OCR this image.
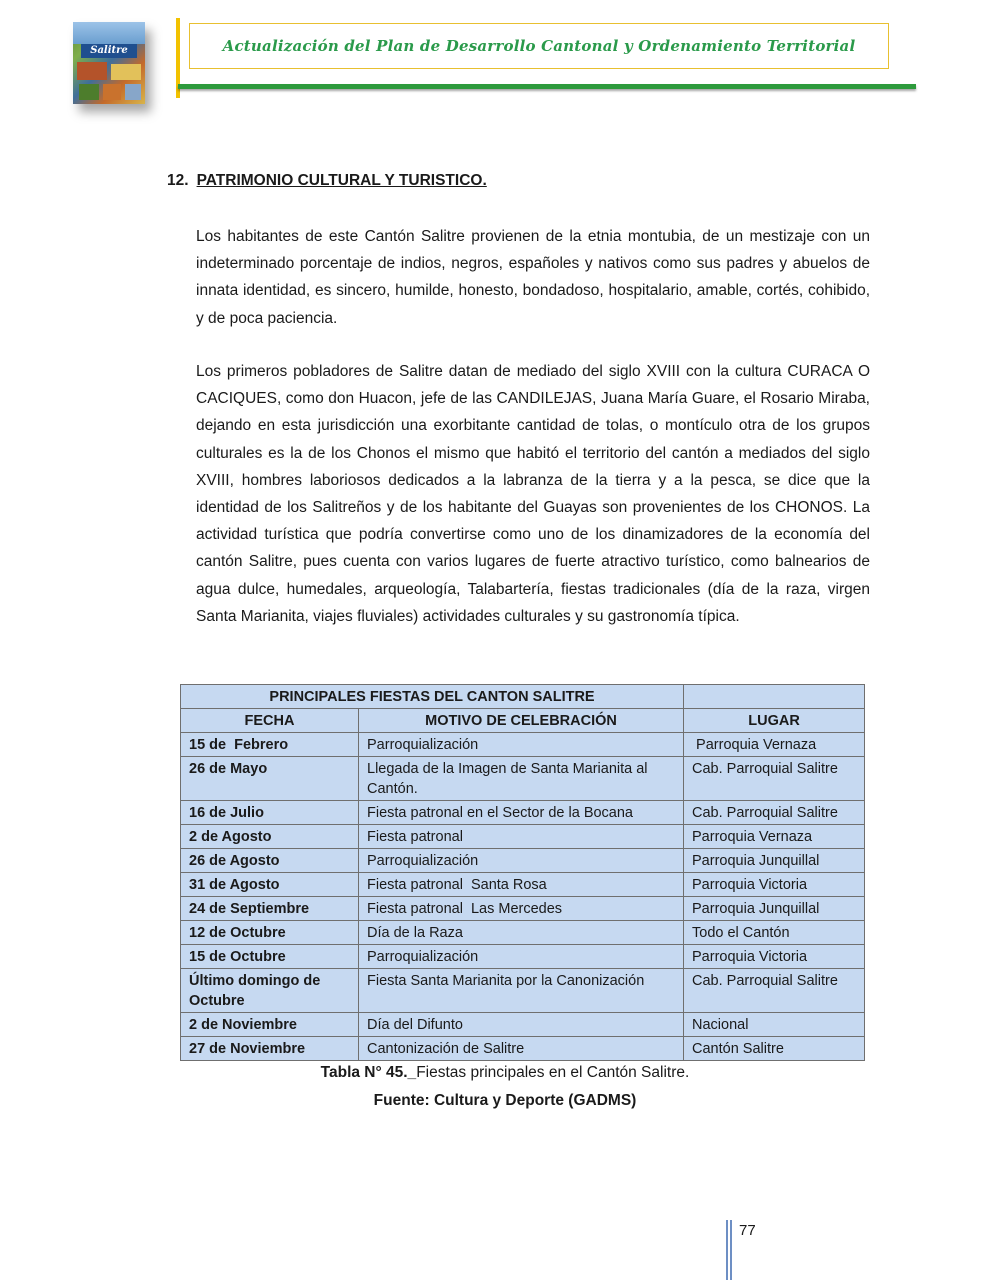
Salitre	Actualización del Plan de Desarrollo Cantonal y Ordenamiento Territorial
12. PATRIMONIO CULTURAL Y TURISTICO.
Los habitantes de este Cantón Salitre provienen de la etnia montubia, de un mestizaje con un indeterminado porcentaje de indios, negros, españoles y nativos como sus padres y abuelos de innata identidad, es sincero, humilde, honesto, bondadoso, hospitalario, amable, cortés, cohibido, y de poca paciencia.
Los primeros pobladores de Salitre datan de mediado del siglo XVIII con la cultura CURACA O CACIQUES, como don Huacon, jefe de las CANDILEJAS, Juana María Guare, el Rosario Miraba, dejando en esta jurisdicción una exorbitante cantidad de tolas, o montículo otra de los grupos culturales es la de los Chonos el mismo que habitó el territorio del cantón a mediados del siglo XVIII, hombres laboriosos dedicados a la labranza de la tierra y a la pesca, se dice que la identidad de los Salitreños y de los habitante del Guayas son provenientes de los CHONOS. La actividad turística que podría convertirse como uno de los dinamizadores de la economía del cantón Salitre, pues cuenta con varios lugares de fuerte atractivo turístico, como balnearios de agua dulce, humedales, arqueología, Talabartería, fiestas tradicionales (día de la raza, virgen Santa Marianita, viajes fluviales) actividades culturales y su gastronomía típica.
PRINCIPALES FIESTAS DEL CANTON SALITRE		
FECHA	MOTIVO DE CELEBRACIÓN	LUGAR
15 de  Febrero	Parroquialización	Parroquia Vernaza
26 de Mayo	Llegada de la Imagen de Santa Marianita al Cantón.	Cab. Parroquial Salitre
16 de Julio	Fiesta patronal en el Sector de la Bocana	Cab. Parroquial Salitre
2 de Agosto	Fiesta patronal	Parroquia Vernaza
26 de Agosto	Parroquialización	Parroquia Junquillal
31 de Agosto	Fiesta patronal  Santa Rosa	Parroquia Victoria
24 de Septiembre	Fiesta patronal  Las Mercedes	Parroquia Junquillal
12 de Octubre	Día de la Raza	Todo el Cantón
15 de Octubre	Parroquialización	Parroquia Victoria
Último domingo de Octubre	Fiesta Santa Marianita por la Canonización	Cab. Parroquial Salitre
2 de Noviembre	Día del Difunto	Nacional
27 de Noviembre	Cantonización de Salitre	Cantón Salitre
Tabla N° 45._Fiestas principales en el Cantón Salitre.
Fuente: Cultura y Deporte (GADMS)
77
